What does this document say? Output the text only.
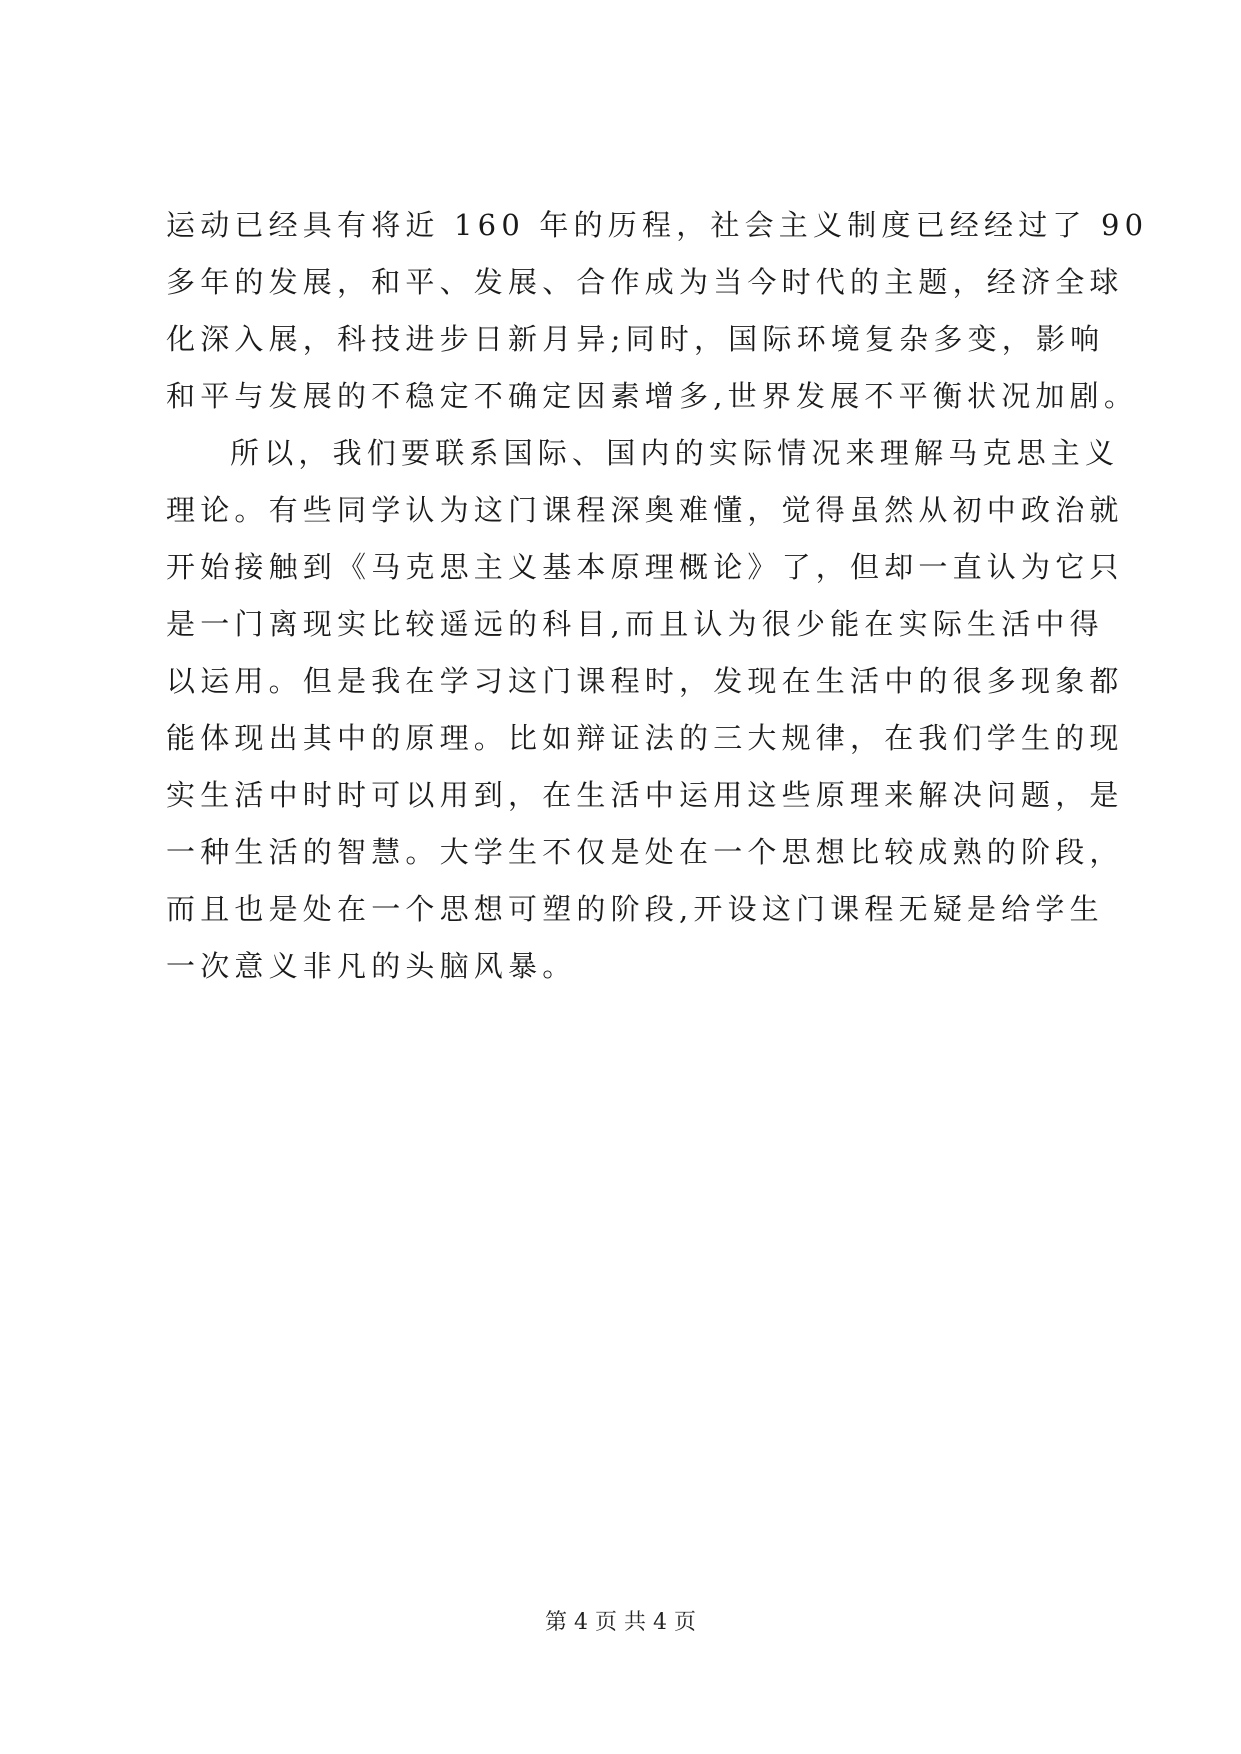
运动已经具有将近 160 年的历程，社会主义制度已经经过了 90
多年的发展，和平、发展、合作成为当今时代的主题，经济全球
化深入展，科技进步日新月异;同时，国际环境复杂多变，影响
和平与发展的不稳定不确定因素增多,世界发展不平衡状况加剧。
所以，我们要联系国际、国内的实际情况来理解马克思主义
理论。有些同学认为这门课程深奥难懂，觉得虽然从初中政治就
开始接触到《马克思主义基本原理概论》了，但却一直认为它只
是一门离现实比较遥远的科目,而且认为很少能在实际生活中得
以运用。但是我在学习这门课程时，发现在生活中的很多现象都
能体现出其中的原理。比如辩证法的三大规律，在我们学生的现
实生活中时时可以用到，在生活中运用这些原理来解决问题，是
一种生活的智慧。大学生不仅是处在一个思想比较成熟的阶段，
而且也是处在一个思想可塑的阶段,开设这门课程无疑是给学生
一次意义非凡的头脑风暴。
第 4 页 共 4 页
